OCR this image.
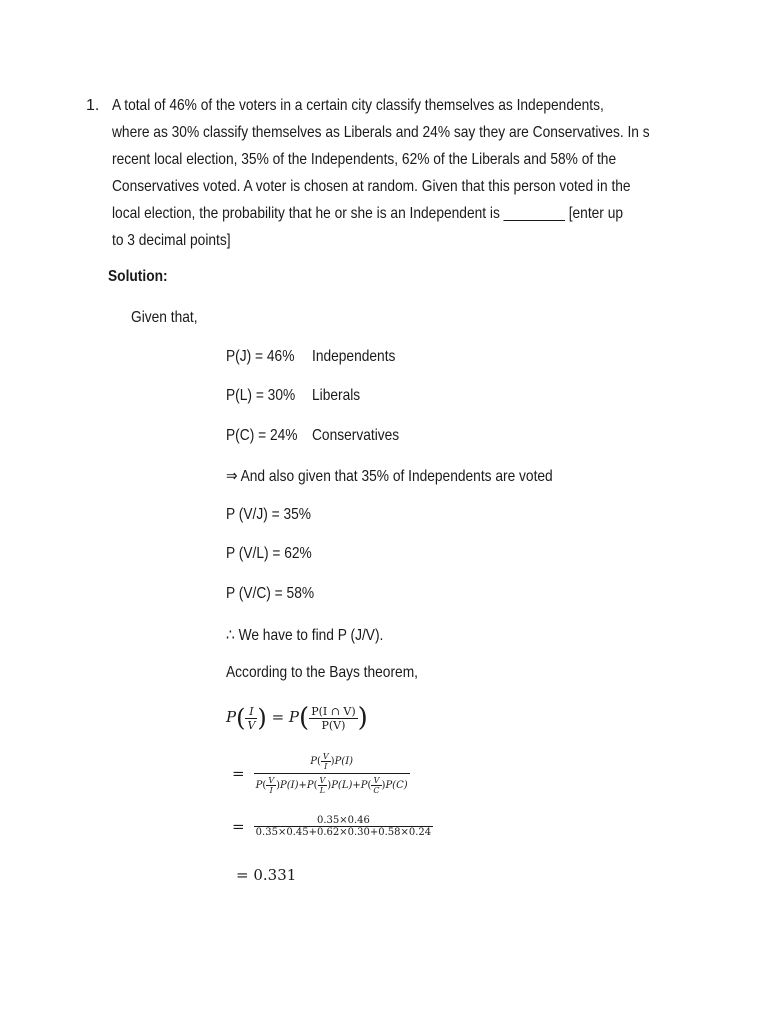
1. A total of 46% of the voters in a certain city classify themselves as Independents,
where as 30% classify themselves as Liberals and 24% say they are Conservatives. In s
recent local election, 35% of the Independents, 62% of the Liberals and 58% of the
Conservatives voted. A voter is chosen at random. Given that this person voted in the
local election, the probability that he or she is an Independent is ________ [enter up
to 3 decimal points]
Solution:
Given that,
P(J) = 46% Independents
P(L) = 30% Liberals
P(C) = 24% Conservatives
⇒ And also given that 35% of Independents are voted
P (V/J) = 35%
P (V/L) = 62%
P (V/C) = 58%
∴ We have to find P (J/V).
According to the Bays theorem,
$P( \frac{I}{V}$ ) = $P( \frac{P(I \cap V)}{P(V)}$ )
= $\frac{P( \frac{V}{I} )P(I)}{P( \frac{V}{I} )P(I)+P( \frac{V}{L} )P(L)+P( \frac{V}{C} )P(C)}$
= $\frac{0.35\times 0.46}{0.35\times 0.45+0.62\times 0.30+0.58\times 0.24}$
= 0.331
